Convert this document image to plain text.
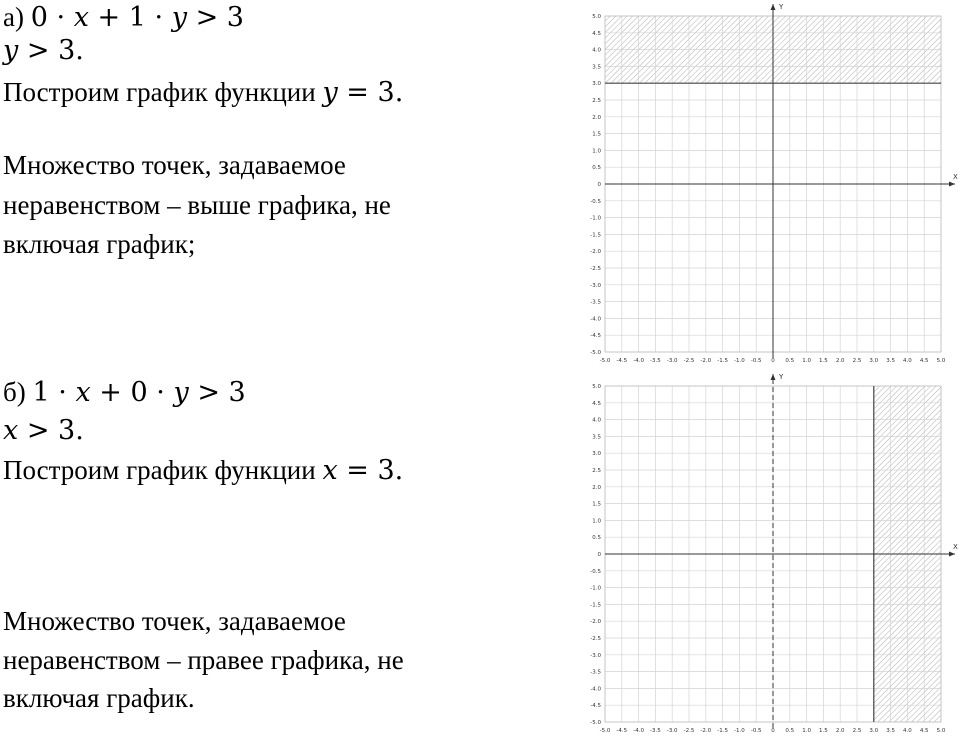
а) 0 · x + 1 · y > 3
y > 3.
Построим график функции y = 3.
Множество точек, задаваемое
неравенством – выше графика, не
включая график;
б) 1 · x + 0 · y > 3
x > 3.
Построим график функции x = 3.
Множество точек, задаваемое
неравенством – правее графика, не
включая график.
X
Y
-5.0 -4.5 -4.0 -3.5 -3.0 -2.5 -2.0 -1.5 -1.0 -0.5 0 0.5 1.0 1.5 2.0 2.5 3.0 3.5 4.0 4.5 5.0
-5.0
-4.5
-4.0
-3.5
-3.0
-2.5
-2.0
-1.5
-1.0
-0.5
0
0.5
1.0
1.5
2.0
2.5
3.0
3.5
4.0
4.5
5.0
X
Y
-5.0 -4.5 -4.0 -3.5 -3.0 -2.5 -2.0 -1.5 -1.0 -0.5 0 0.5 1.0 1.5 2.0 2.5 3.0 3.5 4.0 4.5 5.0
-5.0
-4.5
-4.0
-3.5
-3.0
-2.5
-2.0
-1.5
-1.0
-0.5
0
0.5
1.0
1.5
2.0
2.5
3.0
3.5
4.0
4.5
5.0
